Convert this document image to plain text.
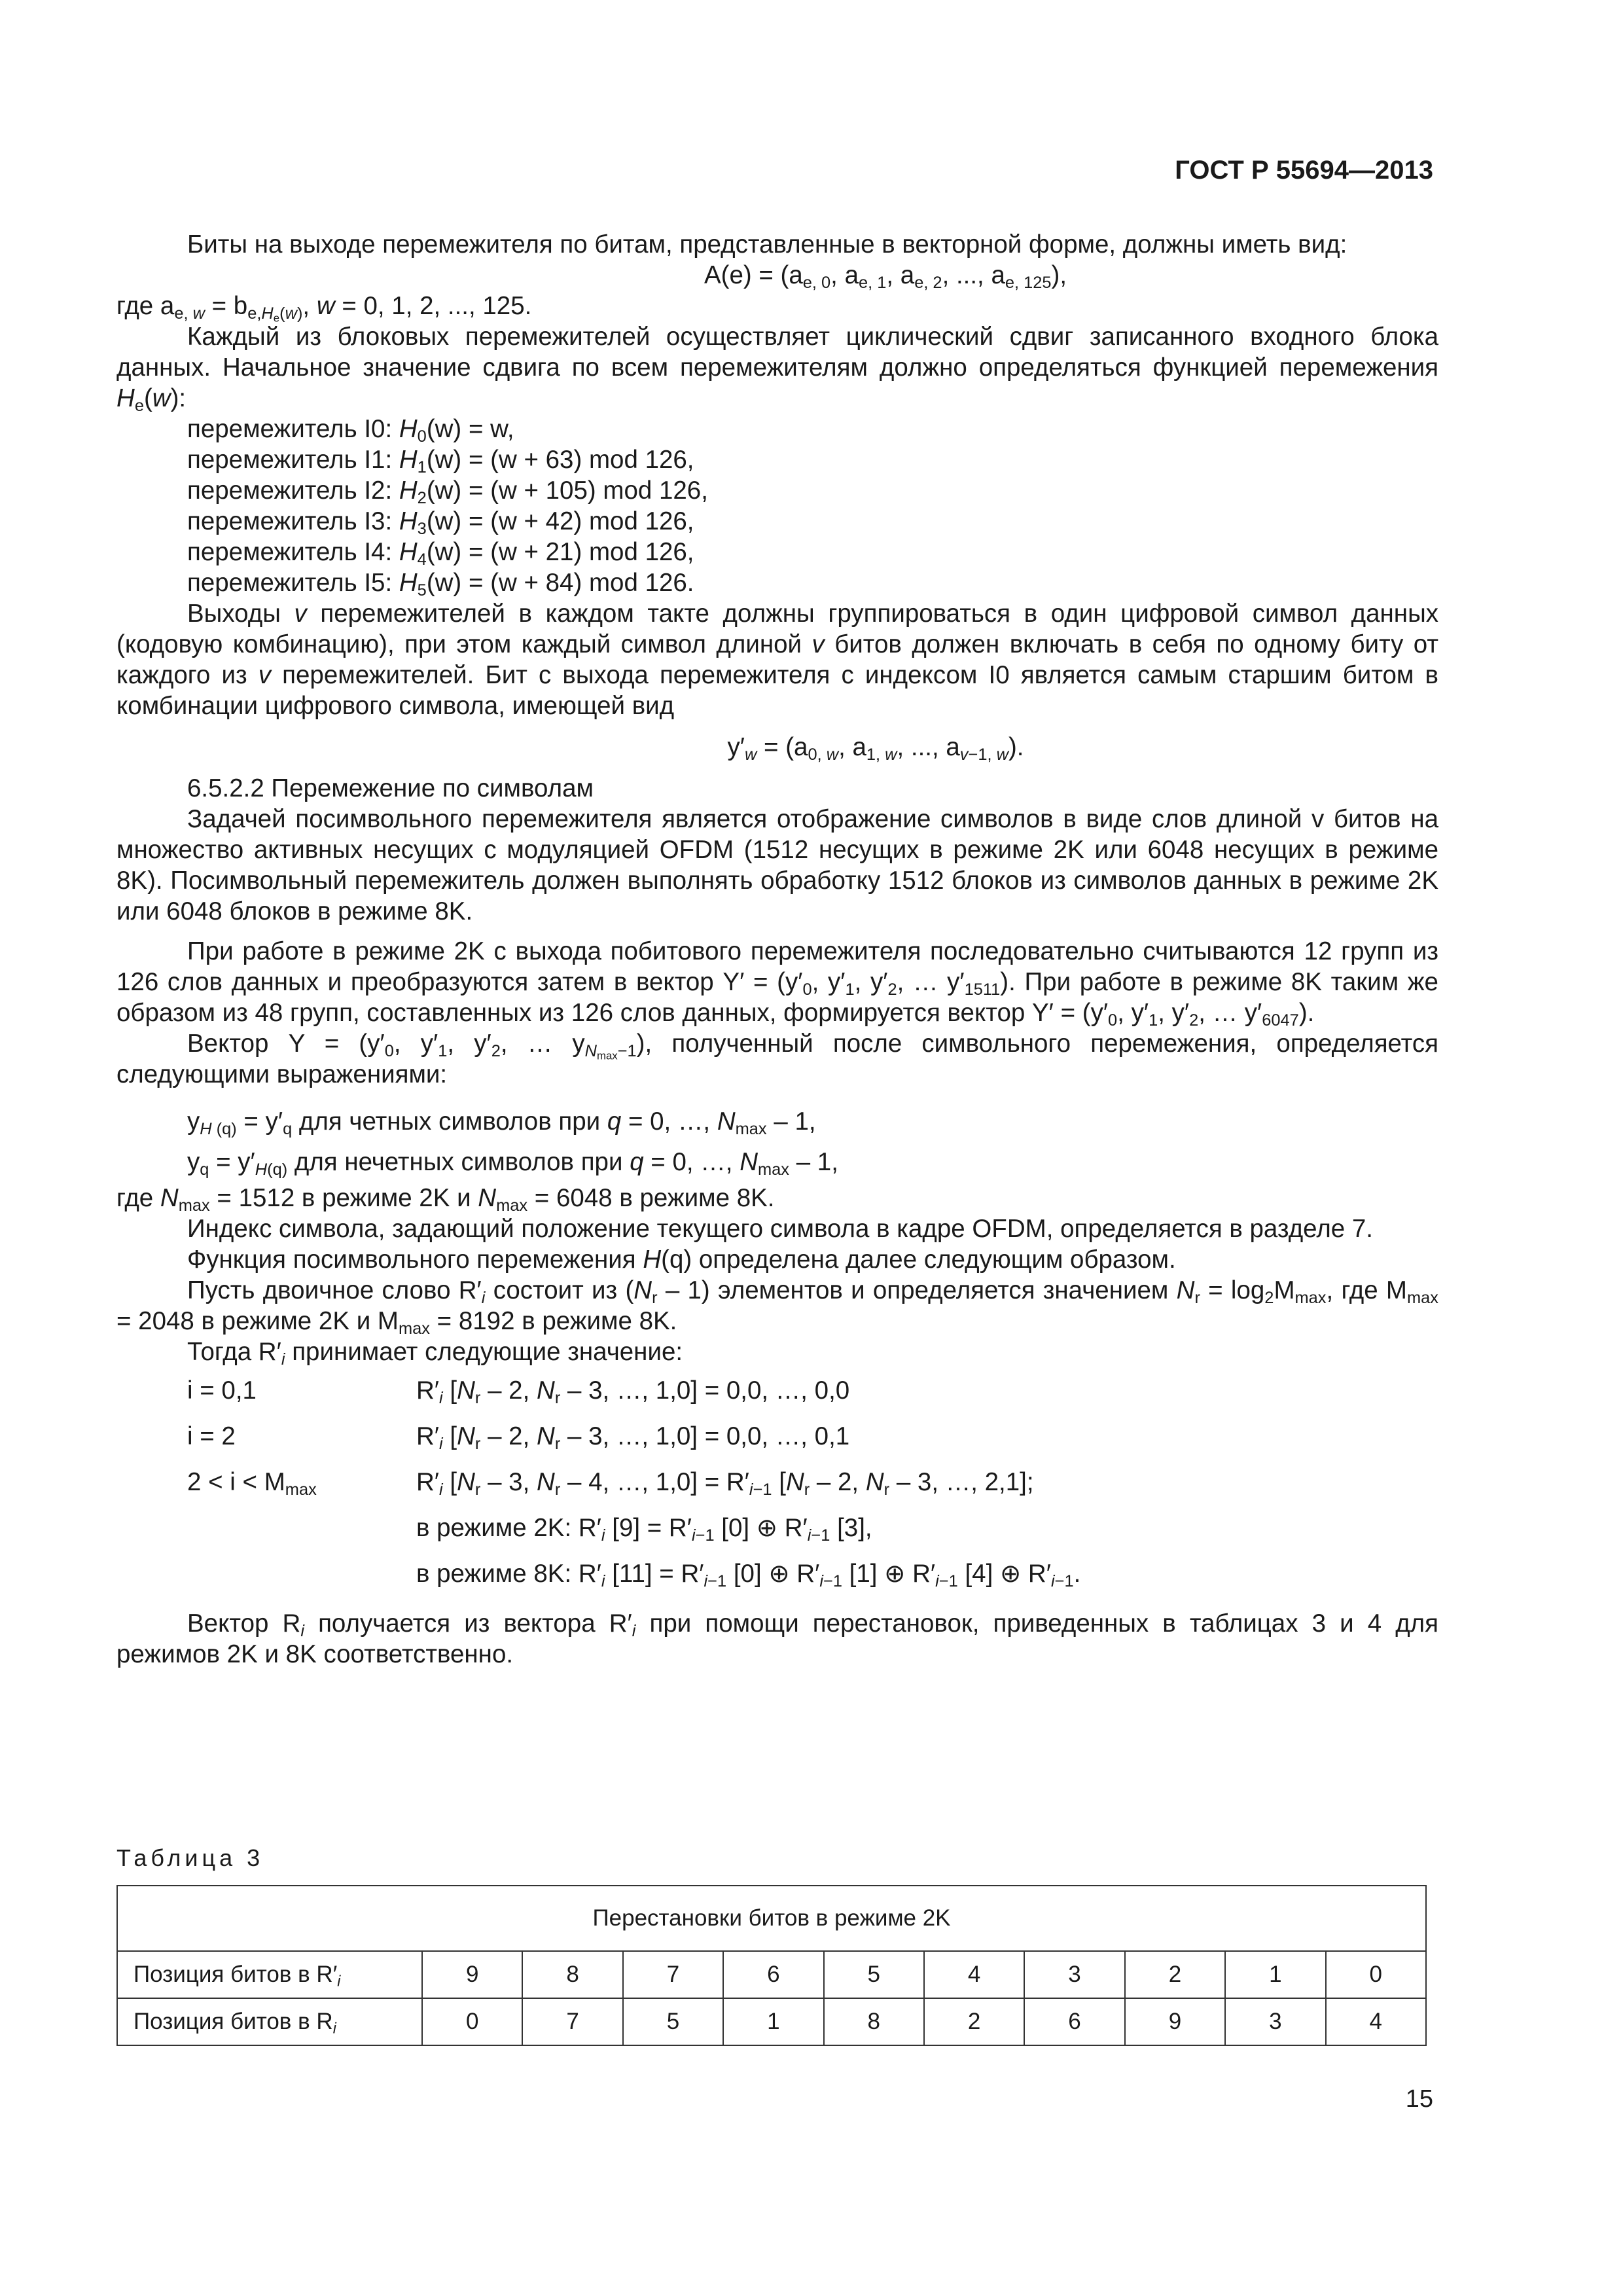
ГОСТ Р 55694—2013

Биты на выходе перемежителя по битам, представленные в векторной форме, должны иметь вид:

$A(e) = (a_{e, 0}$, $a_{e, 1}$, $a_{e, 2}$, ..., $a_{e, 125}$),

где $a_{e, w} = b_{e,H_e(w)}$, w = 0, 1, 2, ..., 125.

Каждый из блоковых перемежителей осуществляет циклический сдвиг записанного входного блока данных. Начальное значение сдвига по всем перемежителям должно определяться функцией перемежения $H_e(w)$:

перемежитель I0: $H_0(w) = w$,

перемежитель I1: $H_1(w) = (w + 63)$ mod 126,

перемежитель I2: $H_2(w) = (w + 105)$ mod 126,

перемежитель I3: $H_3(w) = (w + 42)$ mod 126,

перемежитель I4: $H_4(w) = (w + 21)$ mod 126,

перемежитель I5: $H_5(w) = (w + 84)$ mod 126.

Выходы v перемежителей в каждом такте должны группироваться в один цифровой символ данных (кодовую комбинацию), при этом каждый символ длиной v битов должен включать в себя по одному биту от каждого из v перемежителей. Бит с выхода перемежителя с индексом I0 является самым старшим битом в комбинации цифрового символа, имеющей вид

$y'_w = (a_{0, w}$, $a_{1, w}$, ..., $a_{v-1, w}$).

6.5.2.2 Перемежение по символам

Задачей посимвольного перемежителя является отображение символов в виде слов длиной v битов на множество активных несущих с модуляцией OFDM (1512 несущих в режиме 2K или 6048 несущих в режиме 8K). Посимвольный перемежитель должен выполнять обработку 1512 блоков из символов данных в режиме 2K или 6048 блоков в режиме 8K.

При работе в режиме 2K с выхода побитового перемежителя последовательно считываются 12 групп из 126 слов данных и преобразуются затем в вектор $Y' = (y'_0$, $y'_1$, $y'_2$, … $y'_{1511}$). При работе в режиме 8K таким же образом из 48 групп, составленных из 126 слов данных, формируется вектор $Y' = (y'_0$, $y'_1$, $y'_2$, … $y'_{6047}$).

Вектор $Y = (y'_0$, $y'_1$, $y'_2$, … $y_{N_{max}-1}$), полученный после символьного перемежения, определяется следующими выражениями:

$y_{H (q)} = y'_q$ для четных символов при q = 0, …, $N_{max} - 1$,

$y_q = y'_{H(q)}$ для нечетных символов при q = 0, …, $N_{max} - 1$,

где $N_{max} = 1512$ в режиме 2K и $N_{max} = 6048$ в режиме 8K.

Индекс символа, задающий положение текущего символа в кадре OFDM, определяется в разделе 7.

Функция посимвольного перемежения H(q) определена далее следующим образом.

Пусть двоичное слово $R'_i$ состоит из $(N_r - 1)$ элементов и определяется значением $N_r = \log_2M_{max}$, где $M_{max} = 2048$ в режиме 2K и $M_{max} = 8192$ в режиме 8K.

Тогда $R'_i$ принимает следующие значение:

i = 0,1	$R'_i$ [$N_r - 2$, $N_r - 3$, …, 1,0] = 0,0, …, 0,0
i = 2	$R'_i$ [$N_r - 2$, $N_r - 3$, …, 1,0] = 0,0, …, 0,1
$2 < i < M_{max}$	$R'_i$ [$N_r - 3$, $N_r - 4$, …, $1,0] = R'_{i-1}$ [$N_r - 2$, $N_r - 3$, …, 2,1];
	в режиме 2K: $R'_i$ $[9] = R'_{i-1}$ [0] ⊕ $R'_{i-1}$ [3],
	в режиме 8K: $R'_i$ $[11] = R'_{i-1}$ [0] ⊕ $R'_{i-1}$ [1] ⊕ $R'_{i-1}$ [4] ⊕ $R'_{i-1}$.

Вектор $R_i$ получается из вектора $R'_i$ при помощи перестановок, приведенных в таблицах 3 и 4 для режимов 2K и 8K соответственно.

Таблица 3
Перестановки битов в режиме 2K										
Позиция битов в $R'_i$	9	8	7	6	5	4	3	2	1	0
Позиция битов в $R_i$	0	7	5	1	8	2	6	9	3	4
15
